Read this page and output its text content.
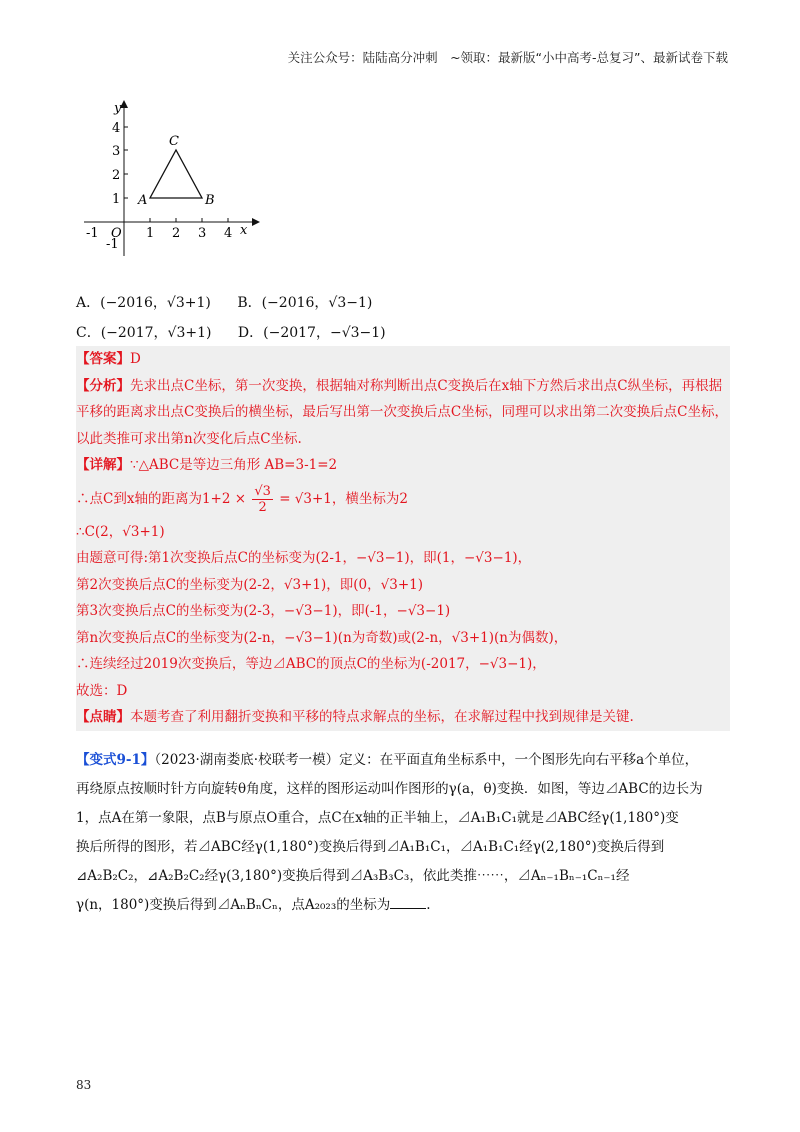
关注公众号：陆陆高分冲刺　~领取：最新版“小中高考-总复习”、最新试卷下载
y
x
O
4
3
2
1
-1
-1	1 2 3 4
A	B
C
A．(−2016，√3+1) B．(−2016，√3−1)
C．(−2017，√3+1) D．(−2017，−√3−1)

【答案】D

【分析】先求出点C坐标，第一次变换，根据轴对称判断出点C变换后在x轴下方然后求出点C纵坐标，再根据平移的距离求出点C变换后的横坐标，最后写出第一次变换后点C坐标，同理可以求出第二次变换后点C坐标，以此类推可求出第n次变化后点C坐标.

【详解】∵△ABC是等边三角形 AB=3-1=2

∴点C到x轴的距离为$1+2 \times \frac{√3}{2} = √3+1$，横坐标为2

∴C(2，√3+1)

由题意可得:第1次变换后点C的坐标变为(2-1，−√3−1)，即(1，−√3−1)，

第2次变换后点C的坐标变为(2-2，√3+1)，即(0，√3+1)

第3次变换后点C的坐标变为(2-3，−√3−1)，即(-1，−√3−1)

第n次变换后点C的坐标变为(2-n，−√3−1)(n为奇数)或(2-n，√3+1)(n为偶数)，

∴连续经过2019次变换后，等边⊿ABC的顶点C的坐标为(-2017，−√3−1)，

故选：D

【点睛】本题考查了利用翻折变换和平移的特点求解点的坐标，在求解过程中找到规律是关键.

【变式9-1】（2023·湖南娄底·校联考一模）定义：在平面直角坐标系中，一个图形先向右平移a个单位，

再绕原点按顺时针方向旋转θ角度，这样的图形运动叫作图形的γ(a，θ)变换．如图，等边⊿ABC的边长为

1，点A在第一象限，点B与原点O重合，点C在x轴的正半轴上，⊿A₁B₁C₁就是⊿ABC经γ(1,180°)变

换后所得的图形，若⊿ABC经γ(1,180°)变换后得到⊿A₁B₁C₁，⊿A₁B₁C₁经γ(2,180°)变换后得到

⊿A₂B₂C₂，⊿A₂B₂C₂经γ(3,180°)变换后得到⊿A₃B₃C₃，依此类推⋯⋯，⊿Aₙ₋₁Bₙ₋₁Cₙ₋₁经

γ(n，180°)变换后得到⊿AₙBₙCₙ，点A₂₀₂₃的坐标为	.

83
